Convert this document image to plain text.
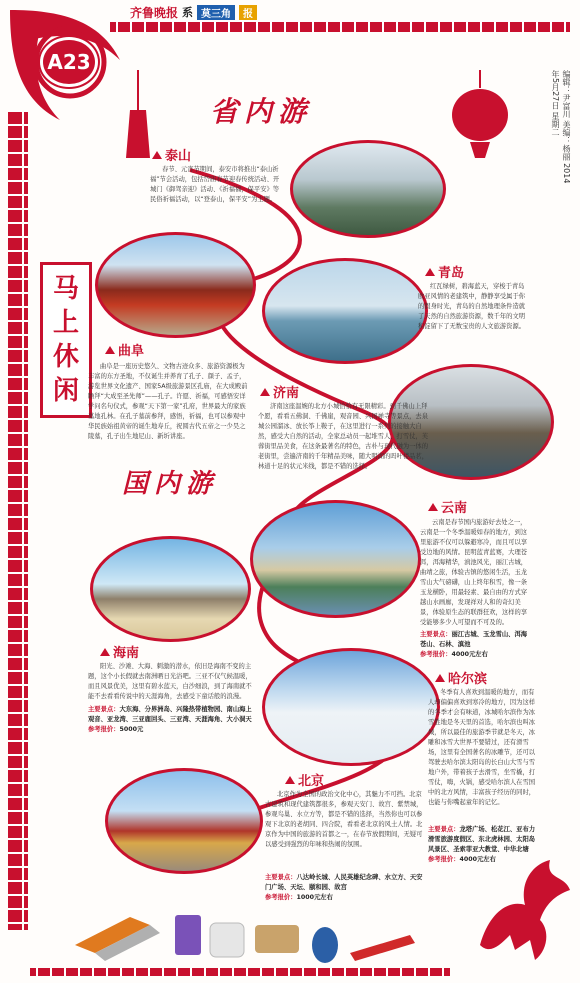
齐鲁晚报 系 莫三角	报
A23
编辑：尹富川 美编：杨丽 2014年5月27日 星期二
省内游
马
上
休
闲
泰山
春节、元宵节期间，泰安市将推出“泰山祈福”节会活动，包括岱庙春节迎春传统活动、开城门《御驾亲迎》活动、《祈福福，保平安》等民俗祈福活动，以“登泰山，保平安”为主题。
青岛
红瓦绿树，碧海蓝天，穿梭于青岛欧亚风情的老建筑中，静静享受属于你的假身时光，青岛的自然地理条件造就了天然的自然旅游资源，数千年的文明积淀留下了无数宝贵的人文旅游资源。
曲阜
曲阜是一座历史悠久、文物古迹众多、旅游资源极为丰富的东方圣地，不仅诞生并养育了孔子、颜子、孟子，游览世界文化遗产、国家5A级旅游景区孔庙，在大成殿前瞻拜“大成至圣先师”——孔子。许愿、祈福，可感悟安详学问名句仪式，参观“天下第一家”孔府，世界最大的家族墓地孔林。在孔子墓前参拜，感悟，祈福，也可以参观中华民族始祖黄帝的诞生地寿丘，祝圆古代五帝之一少昊之陵墓，孔子出生地尼山、新圻讲座。
济南
济南这座温婉的北方小城恰恰有无限精彩。到千佛山上拜个愿，看看五佛洞、千佛崖，观音园、兴国禅寺等景点，去泉城公园溜冰、放长筝上鞍子，在这里进行一系列的接触大自然，感受大自然的活动，全家总动员一起堆雪人、打雪仗，芙蓉街里品美食，在这条最著名的特色，古朴与现代融为一体的老街里，尝遍济南的千年精品美味，随大明湖的吗叶楼品茗，林道十足的状元米线，都是不错的选择。
国内游
云南
云南是春节国内旅游好去处之一，云南是一个冬季温暖如春的地方，到这里旅游不仅可以躲避寒冷，而且可以享受边地的风情。昆明蓝青蓝赛，大理苍洱，洱海精华，滇池风光，丽江古城，曲靖之旅，体验古镇的悠闲生活，玉龙雪山大气磅礴，山上终年积雪，像一条玉龙横卧，用最轻素、最自由的方式穿越山水画廊，发现祥对人和的奇幻美景，体验原生态的联群狂欢，这样的享受能够多少人可望而不可及的。
主要景点：丽江古城、玉龙雪山、洱海苍山、石林、滇池
参考报价：4000元左右
海南
阳光、沙滩、大海、刺激的潜水，依旧是海南不变的主题，这个小长假就去南洲晒日光浴吧。三亚不仅气候温暖，而且风景优美，这里有碧水蓝天，白沙细浪，到了海南就不能不去看看传说中的天涯海角，去感受下童话般的浪漫。
主要景点：大东海、分界洲岛、兴隆热带植物园、南山海上观音、亚龙湾、三亚鹿回头、三亚湾、天涯海角、大小洞天
参考报价：5000元
哈尔滨
冬季有人喜欢到温暖的地方，而有人却偏偏喜欢到寒冷的地方，因为这样的冬季才会有味道，冰城哈尔滨作为冰雪胜地是冬天里的首选，哈尔滨也叫冰城，所以最佳的旅游季节就是冬天，冰雕和冰雪大世界不要错过，还有滑雪场，这里有全国著名的冰雕节，还可以驾驶去哈尔滨太阳岛的长白山大雪与雪地户外，带着孩子去滑雪，坐雪橇，打雪仗，嗨，火锅，感受哈尔滨人在雪国中的北方风情，丰富孩子经历的同时，也能与你嘴起童年的记忆。
主要景点：龙塔广场、松花江、亚布力滑雪旅游度假区、东北虎林园、太阳岛风景区、圣索菲亚大教堂、中华北塘
参考报价：4000元左右
北京
北京作为全国的政治文化中心，其魅力不可挡。北京古建筑和现代建筑都很多，参观天安门、故宫、紫禁城，参观鸟巢、水立方等，都是不错的选择，当然你也可以参观下北京的老胡同、四合院，看看老北京的风土人情。北京作为中国的旅游的首都之一，在春节放假期间，无疑可以感受到强烈的年味和热闹的氛围。
主要景点：八达岭长城、人民英雄纪念碑、水立方、天安门广场、天坛、颐和园、故宫
参考报价：1000元左右
